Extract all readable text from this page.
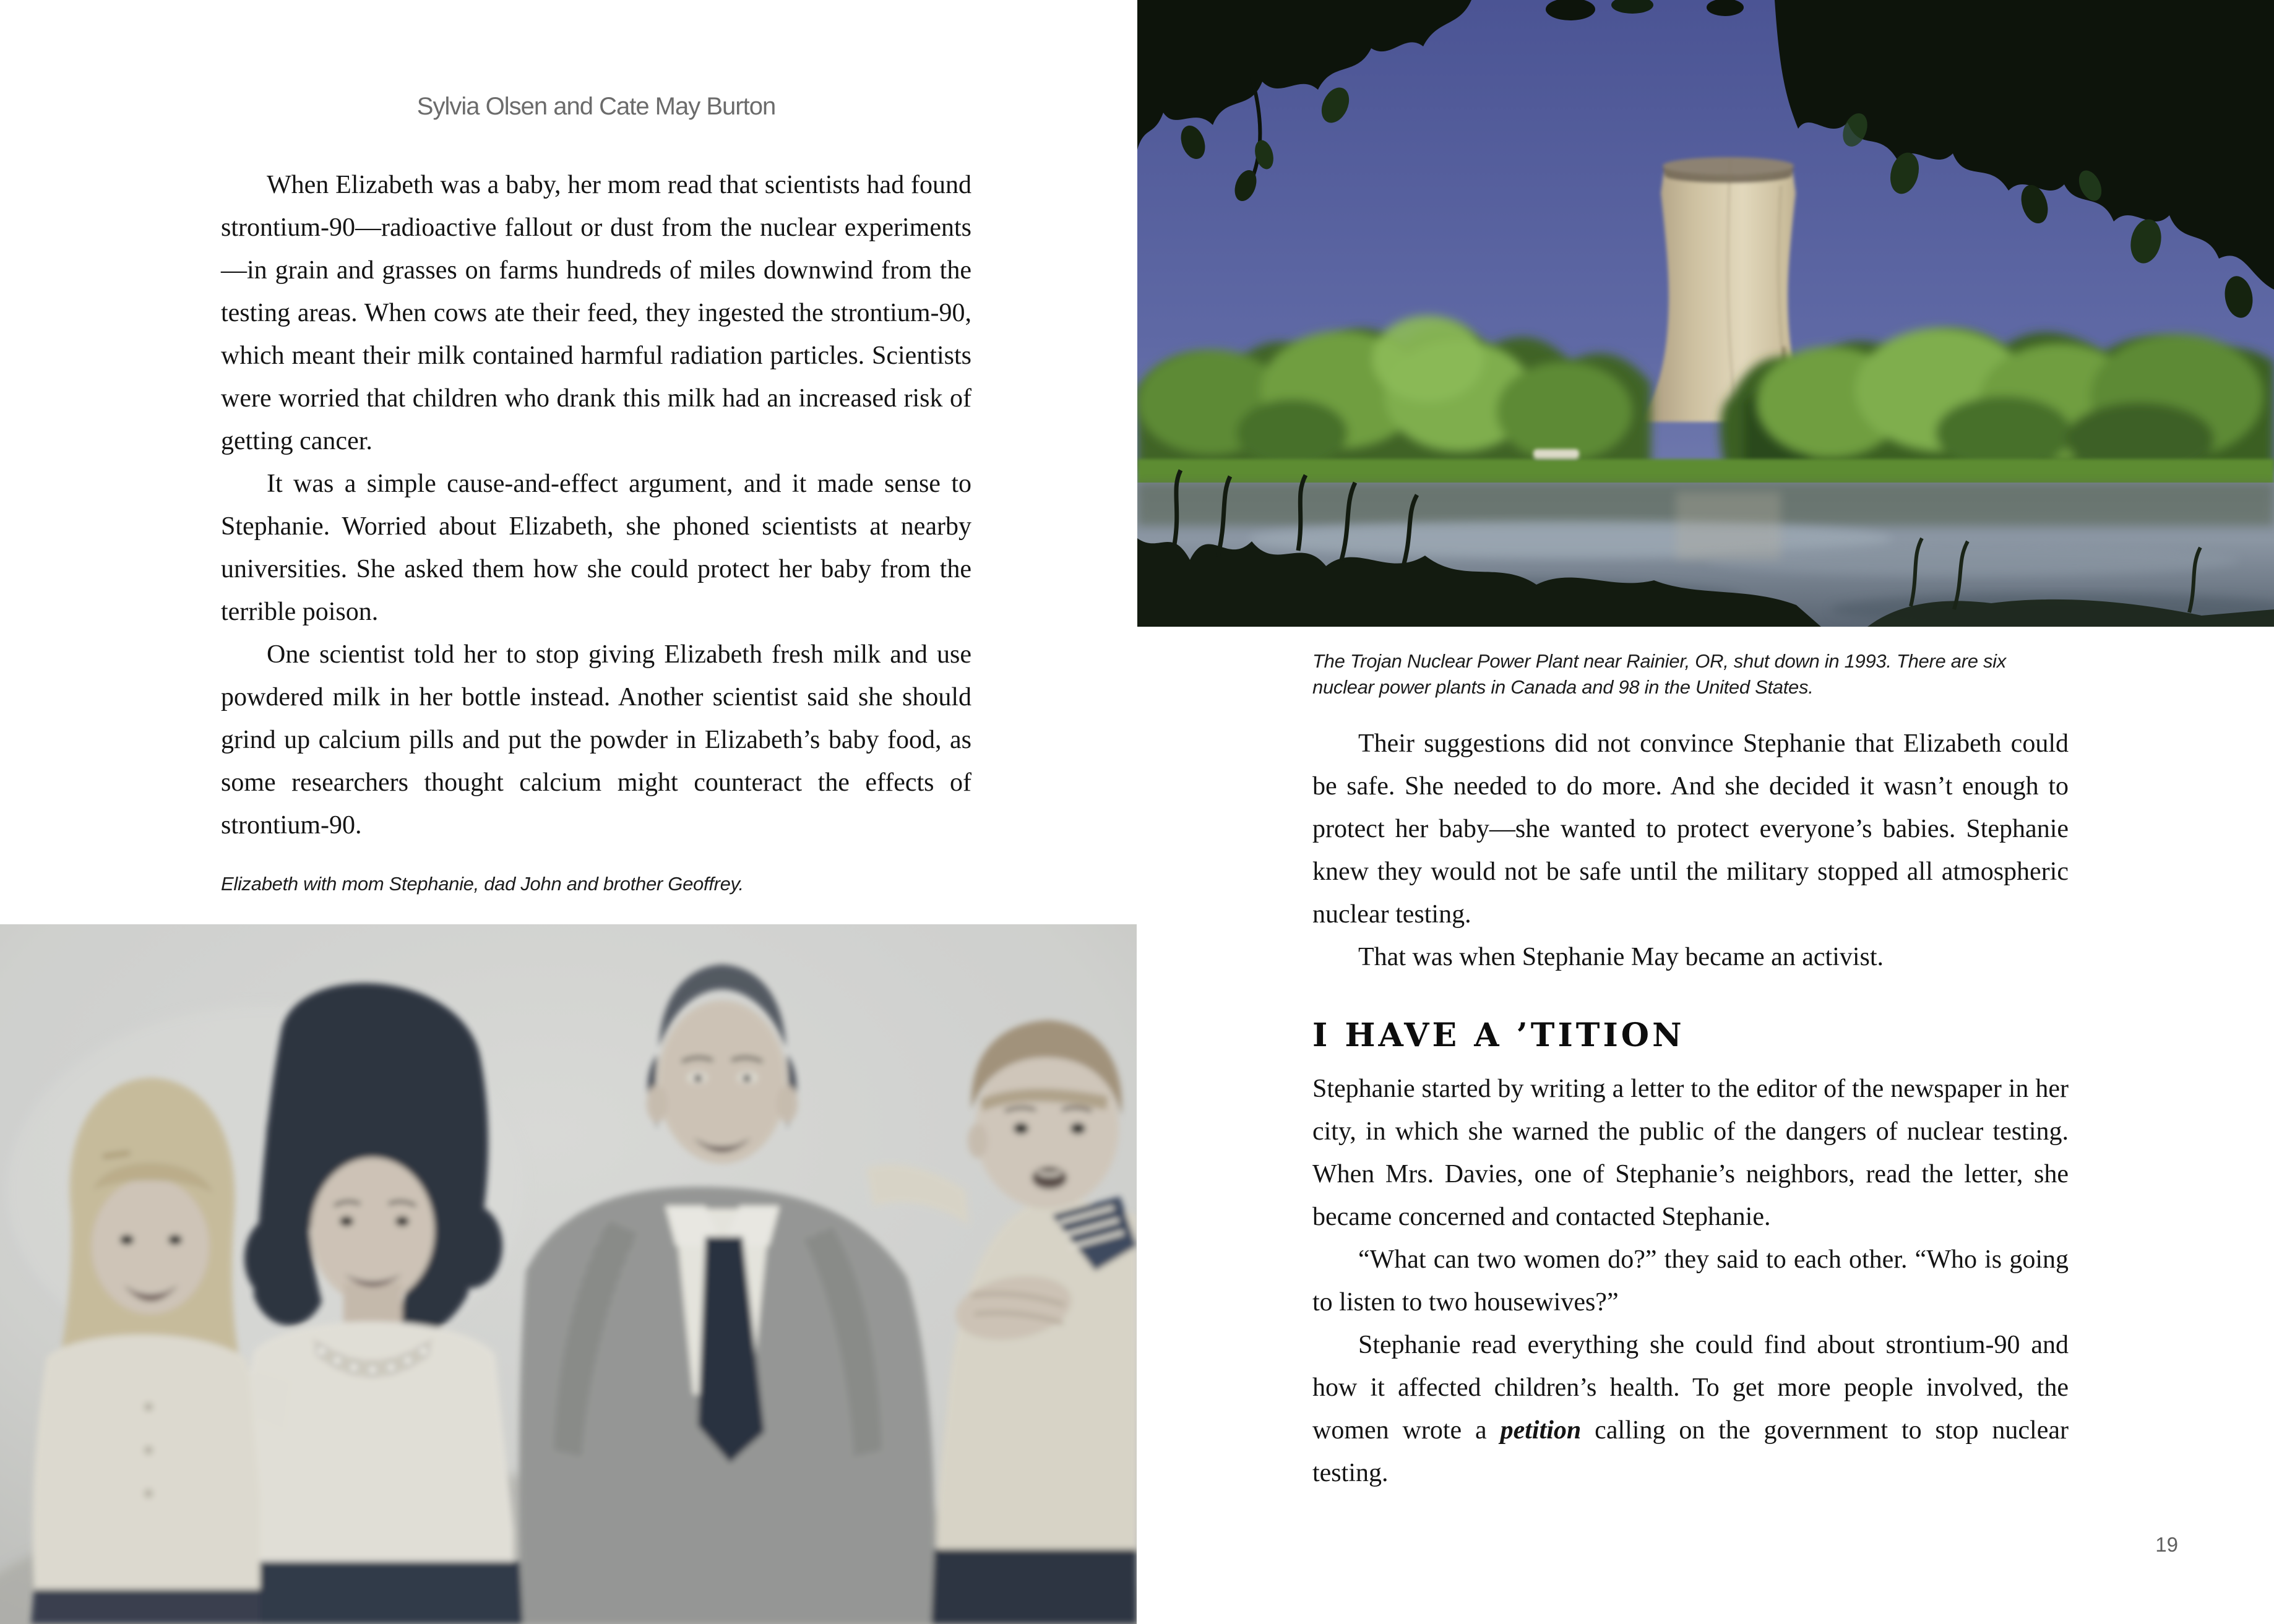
Sylvia Olsen and Cate May Burton

When Elizabeth was a baby, her mom read that scientists had found strontium-90—radioactive fallout or dust from the nuclear experiments—in grain and grasses on farms hundreds of miles downwind from the testing areas. When cows ate their feed, they ingested the strontium-90, which meant their milk contained harmful radiation particles. Scientists were worried that children who drank this milk had an increased risk of getting cancer.

It was a simple cause-and-effect argument, and it made sense to Stephanie. Worried about Elizabeth, she phoned scientists at nearby universities. She asked them how she could protect her baby from the terrible poison.

One scientist told her to stop giving Elizabeth fresh milk and use powdered milk in her bottle instead. Another scientist said she should grind up calcium pills and put the powder in Elizabeth’s baby food, as some researchers thought calcium might counteract the effects of strontium-90.

Elizabeth with mom Stephanie, dad John and brother Geoffrey.
The Trojan Nuclear Power Plant near Rainier, OR, shut down in 1993. There are six nuclear power plants in Canada and 98 in the United States.

Their suggestions did not convince Stephanie that Elizabeth could be safe. She needed to do more. And she decided it wasn’t enough to protect her baby—she wanted to protect everyone’s babies. Stephanie knew they would not be safe until the military stopped all atmospheric nuclear testing.

That was when Stephanie May became an activist.

I HAVE A ’TITION

Stephanie started by writing a letter to the editor of the newspaper in her city, in which she warned the public of the dangers of nuclear testing. When Mrs. Davies, one of Stephanie’s neighbors, read the letter, she became concerned and contacted Stephanie.

“What can two women do?” they said to each other. “Who is going to listen to two housewives?”

Stephanie read everything she could find about strontium-90 and how it affected children’s health. To get more people involved, the women wrote a petition calling on the government to stop nuclear testing.

19
